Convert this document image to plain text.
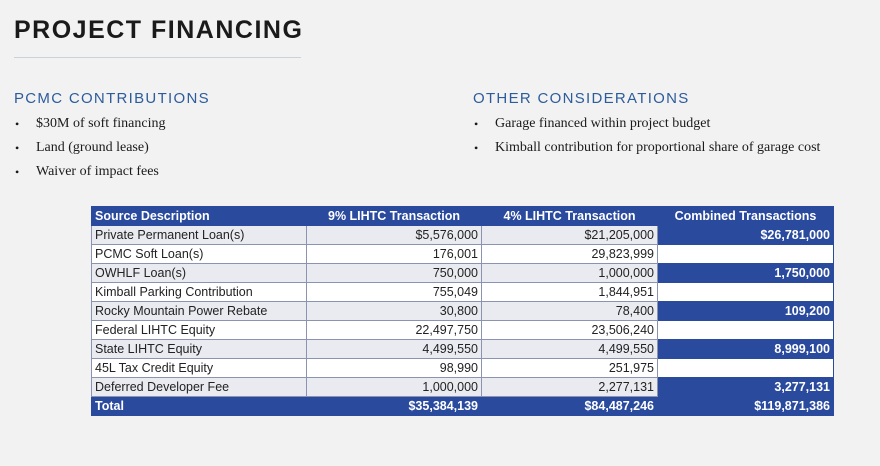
PROJECT FINANCING
PCMC CONTRIBUTIONS
• $30M of soft financing
• Land (ground lease)
• Waiver of impact fees
OTHER CONSIDERATIONS
• Garage financed within project budget
• Kimball contribution for proportional share of garage cost
Source Description	9% LIHTC Transaction	4% LIHTC Transaction	Combined Transactions
Private Permanent Loan(s)	$5,576,000	$21,205,000	$26,781,000
PCMC Soft Loan(s)	176,001	29,823,999	30,000,000
OWHLF Loan(s)	750,000	1,000,000	1,750,000
Kimball Parking Contribution	755,049	1,844,951	2,600,000
Rocky Mountain Power Rebate	30,800	78,400	109,200
Federal LIHTC Equity	22,497,750	23,506,240	46,003,990
State LIHTC Equity	4,499,550	4,499,550	8,999,100
45L Tax Credit Equity	98,990	251,975	350,965
Deferred Developer Fee	1,000,000	2,277,131	3,277,131
Total	$35,384,139	$84,487,246	$119,871,386
